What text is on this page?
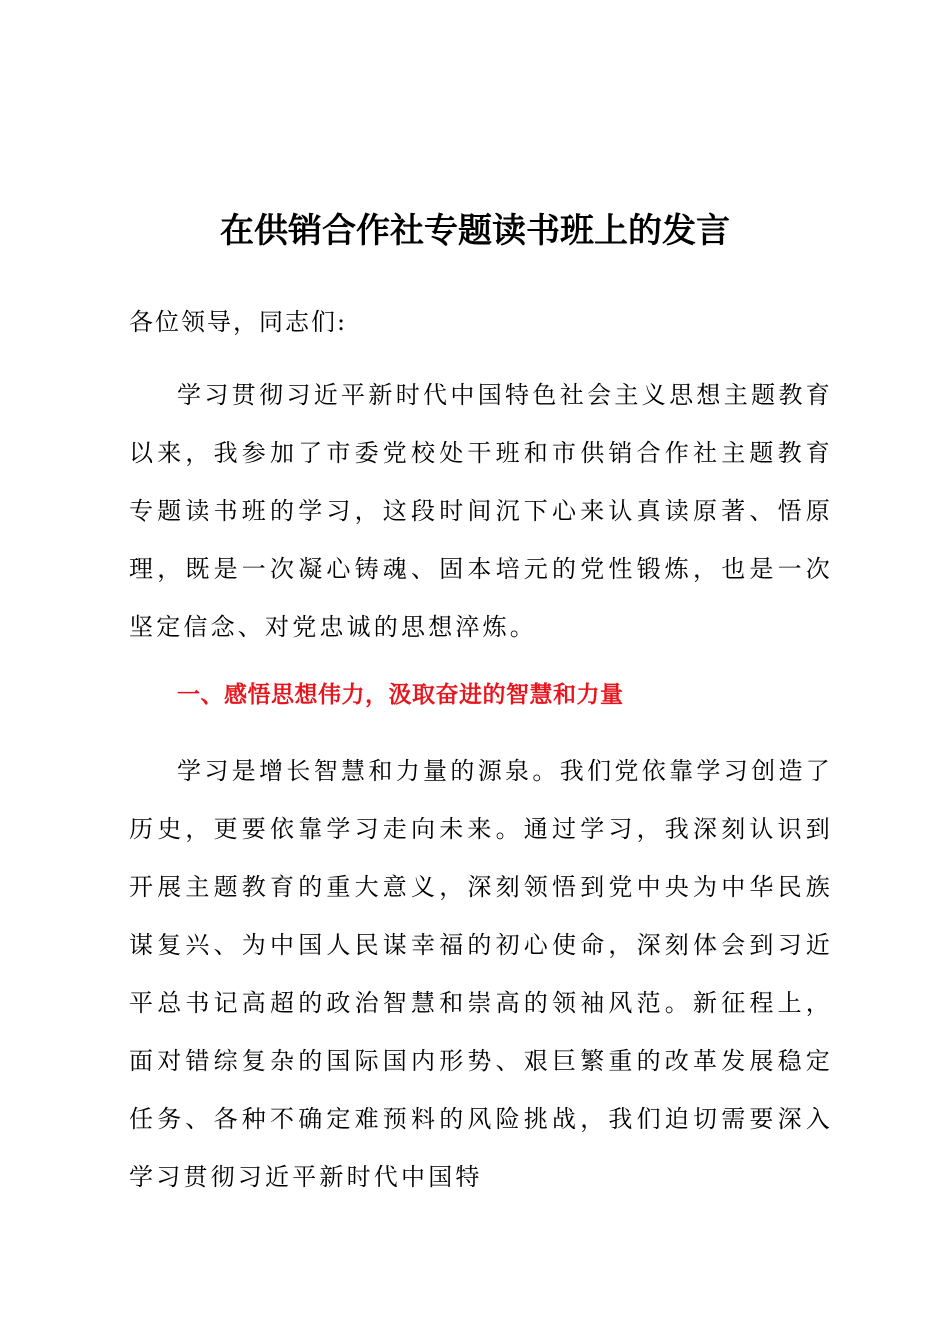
在供销合作社专题读书班上的发言

各位领导，同志们:

学习贯彻习近平新时代中国特色社会主义思想主题教育以来，我参加了市委党校处干班和市供销合作社主题教育专题读书班的学习，这段时间沉下心来认真读原著、悟原理，既是一次凝心铸魂、固本培元的党性锻炼，也是一次坚定信念、对党忠诚的思想淬炼。

一、感悟思想伟力，汲取奋进的智慧和力量

学习是增长智慧和力量的源泉。我们党依靠学习创造了历史，更要依靠学习走向未来。通过学习，我深刻认识到开展主题教育的重大意义，深刻领悟到党中央为中华民族谋复兴、为中国人民谋幸福的初心使命，深刻体会到习近平总书记高超的政治智慧和崇高的领袖风范。新征程上，面对错综复杂的国际国内形势、艰巨繁重的改革发展稳定任务、各种不确定难预料的风险挑战，我们迫切需要深入学习贯彻习近平新时代中国特
